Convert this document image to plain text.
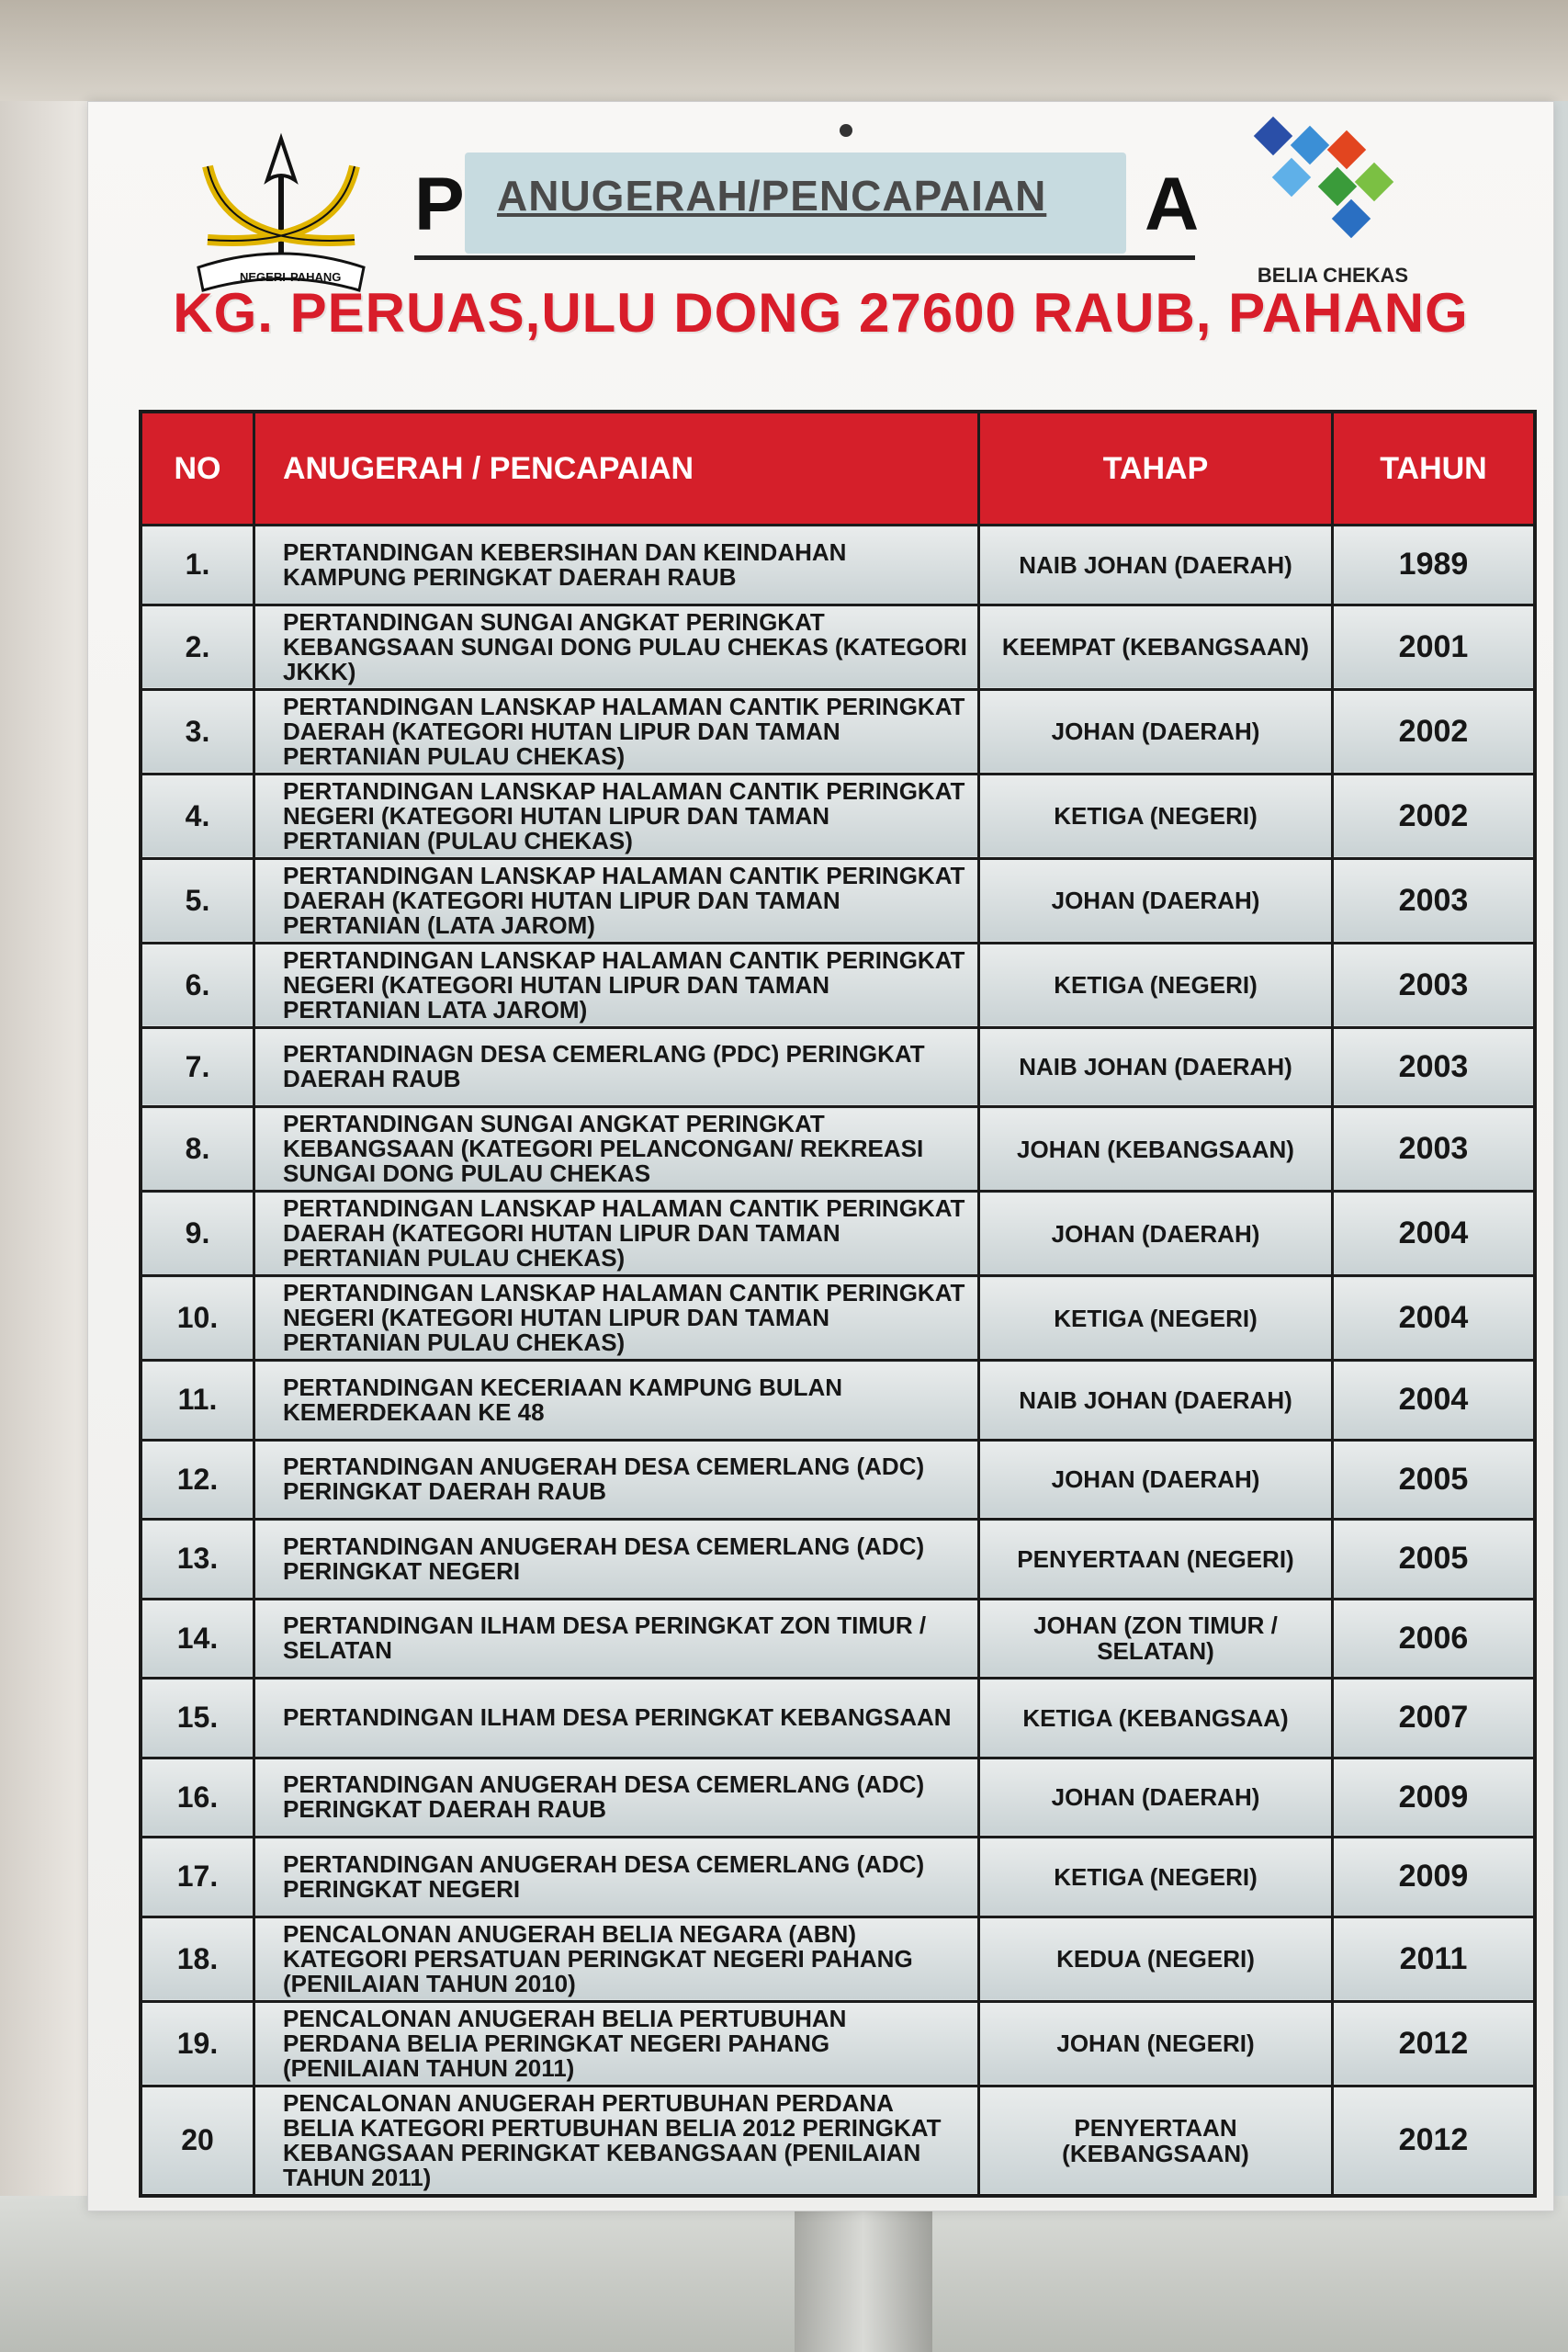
NEGERI PAHANG
P ANUGERAH/PENCAPAIAN A
BELIA CHEKAS
KG. PERUAS,ULU DONG 27600 RAUB, PAHANG
NO	ANUGERAH / PENCAPAIAN	TAHAP	TAHUN
1.	PERTANDINGAN KEBERSIHAN DAN KEINDAHAN KAMPUNG PERINGKAT DAERAH RAUB	NAIB JOHAN (DAERAH)	1989
2.	PERTANDINGAN SUNGAI ANGKAT PERINGKAT KEBANGSAAN SUNGAI DONG PULAU CHEKAS (KATEGORI JKKK)	KEEMPAT (KEBANGSAAN)	2001
3.	PERTANDINGAN LANSKAP HALAMAN CANTIK PERINGKAT DAERAH (KATEGORI HUTAN LIPUR DAN TAMAN PERTANIAN PULAU CHEKAS)	JOHAN (DAERAH)	2002
4.	PERTANDINGAN LANSKAP HALAMAN CANTIK PERINGKAT NEGERI (KATEGORI HUTAN LIPUR DAN TAMAN PERTANIAN (PULAU CHEKAS)	KETIGA (NEGERI)	2002
5.	PERTANDINGAN LANSKAP HALAMAN CANTIK PERINGKAT DAERAH (KATEGORI HUTAN LIPUR DAN TAMAN PERTANIAN (LATA JAROM)	JOHAN (DAERAH)	2003
6.	PERTANDINGAN LANSKAP HALAMAN CANTIK PERINGKAT NEGERI (KATEGORI HUTAN LIPUR DAN TAMAN PERTANIAN LATA JAROM)	KETIGA (NEGERI)	2003
7.	PERTANDINAGN DESA CEMERLANG (PDC) PERINGKAT DAERAH RAUB	NAIB JOHAN (DAERAH)	2003
8.	PERTANDINGAN SUNGAI ANGKAT PERINGKAT KEBANGSAAN (KATEGORI PELANCONGAN/ REKREASI SUNGAI DONG PULAU CHEKAS	JOHAN (KEBANGSAAN)	2003
9.	PERTANDINGAN LANSKAP HALAMAN CANTIK PERINGKAT DAERAH (KATEGORI HUTAN LIPUR DAN TAMAN PERTANIAN PULAU CHEKAS)	JOHAN (DAERAH)	2004
10.	PERTANDINGAN LANSKAP HALAMAN CANTIK PERINGKAT NEGERI (KATEGORI HUTAN LIPUR DAN TAMAN PERTANIAN PULAU CHEKAS)	KETIGA (NEGERI)	2004
11.	PERTANDINGAN KECERIAAN KAMPUNG BULAN KEMERDEKAAN KE 48	NAIB JOHAN (DAERAH)	2004
12.	PERTANDINGAN ANUGERAH DESA CEMERLANG (ADC) PERINGKAT DAERAH RAUB	JOHAN (DAERAH)	2005
13.	PERTANDINGAN ANUGERAH DESA CEMERLANG (ADC) PERINGKAT NEGERI	PENYERTAAN (NEGERI)	2005
14.	PERTANDINGAN ILHAM DESA PERINGKAT ZON TIMUR / SELATAN	JOHAN (ZON TIMUR / SELATAN)	2006
15.	PERTANDINGAN ILHAM DESA PERINGKAT KEBANGSAAN	KETIGA (KEBANGSAA)	2007
16.	PERTANDINGAN ANUGERAH DESA CEMERLANG (ADC) PERINGKAT DAERAH RAUB	JOHAN (DAERAH)	2009
17.	PERTANDINGAN ANUGERAH DESA CEMERLANG (ADC) PERINGKAT NEGERI	KETIGA (NEGERI)	2009
18.	PENCALONAN ANUGERAH BELIA NEGARA (ABN) KATEGORI PERSATUAN PERINGKAT NEGERI PAHANG (PENILAIAN TAHUN 2010)	KEDUA (NEGERI)	2011
19.	PENCALONAN ANUGERAH BELIA PERTUBUHAN PERDANA BELIA PERINGKAT NEGERI PAHANG (PENILAIAN TAHUN 2011)	JOHAN (NEGERI)	2012
20	PENCALONAN ANUGERAH PERTUBUHAN PERDANA BELIA KATEGORI PERTUBUHAN BELIA 2012 PERINGKAT KEBANGSAAN PERINGKAT KEBANGSAAN (PENILAIAN TAHUN 2011)	PENYERTAAN (KEBANGSAAN)	2012
